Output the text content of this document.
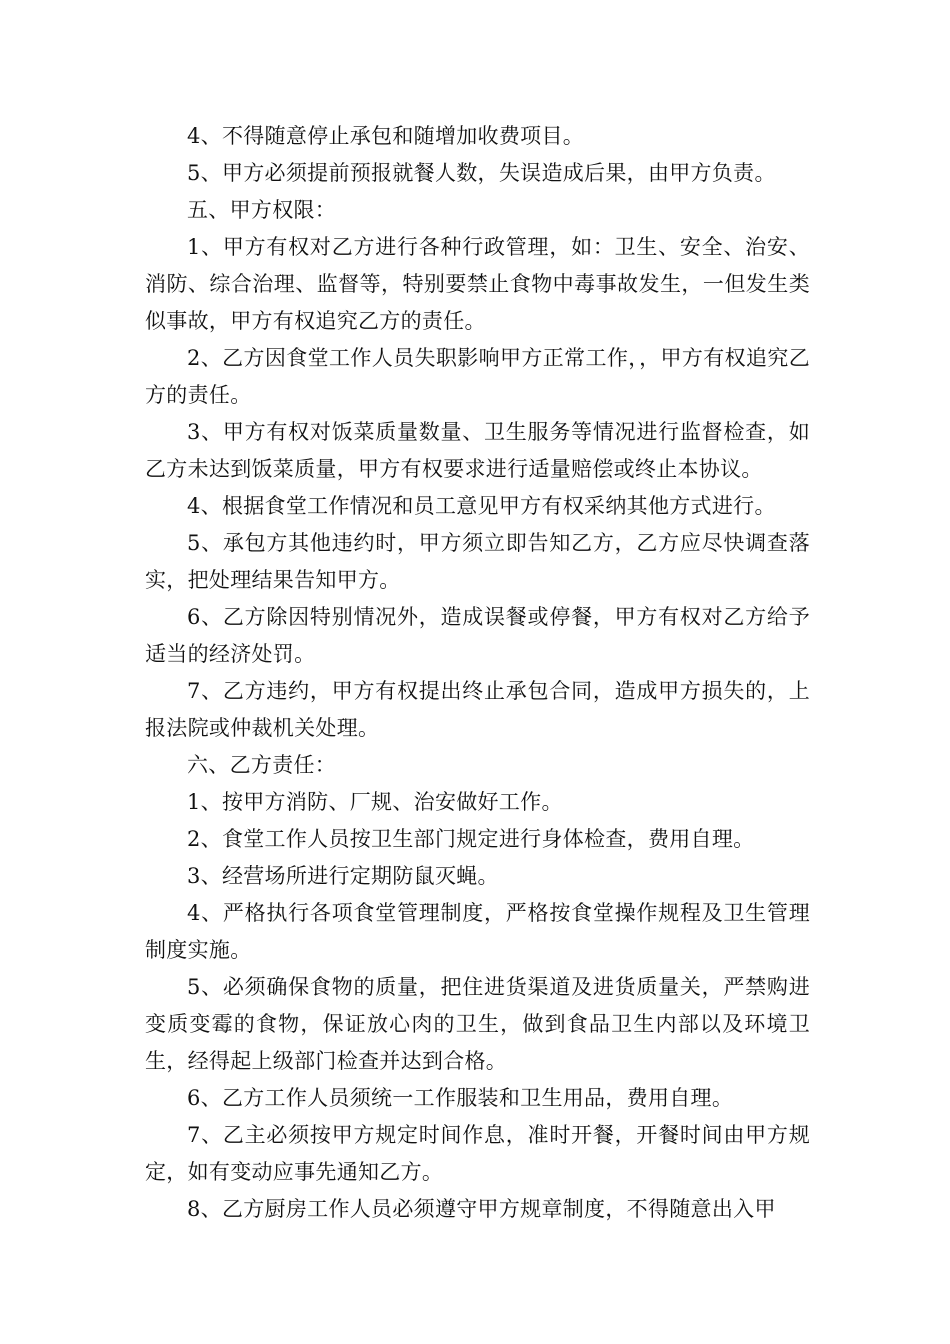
4、不得随意停止承包和随增加收费项目。

5、甲方必须提前预报就餐人数，失误造成后果，由甲方负责。

五、甲方权限：

1、甲方有权对乙方进行各种行政管理，如：卫生、安全、治安、消防、综合治理、监督等，特别要禁止食物中毒事故发生，一但发生类似事故，甲方有权追究乙方的责任。

2、乙方因食堂工作人员失职影响甲方正常工作，，甲方有权追究乙方的责任。

3、甲方有权对饭菜质量数量、卫生服务等情况进行监督检查，如乙方未达到饭菜质量，甲方有权要求进行适量赔偿或终止本协议。

4、根据食堂工作情况和员工意见甲方有权采纳其他方式进行。

5、承包方其他违约时，甲方须立即告知乙方，乙方应尽快调查落实，把处理结果告知甲方。

6、乙方除因特别情况外，造成误餐或停餐，甲方有权对乙方给予适当的经济处罚。

7、乙方违约，甲方有权提出终止承包合同，造成甲方损失的，上报法院或仲裁机关处理。

六、乙方责任：

1、按甲方消防、厂规、治安做好工作。

2、食堂工作人员按卫生部门规定进行身体检查，费用自理。

3、经营场所进行定期防鼠灭蝇。

4、严格执行各项食堂管理制度，严格按食堂操作规程及卫生管理制度实施。

5、必须确保食物的质量，把住进货渠道及进货质量关，严禁购进变质变霉的食物，保证放心肉的卫生，做到食品卫生内部以及环境卫生，经得起上级部门检查并达到合格。

6、乙方工作人员须统一工作服装和卫生用品，费用自理。

7、乙主必须按甲方规定时间作息，准时开餐，开餐时间由甲方规定，如有变动应事先通知乙方。

8、乙方厨房工作人员必须遵守甲方规章制度，不得随意出入甲
